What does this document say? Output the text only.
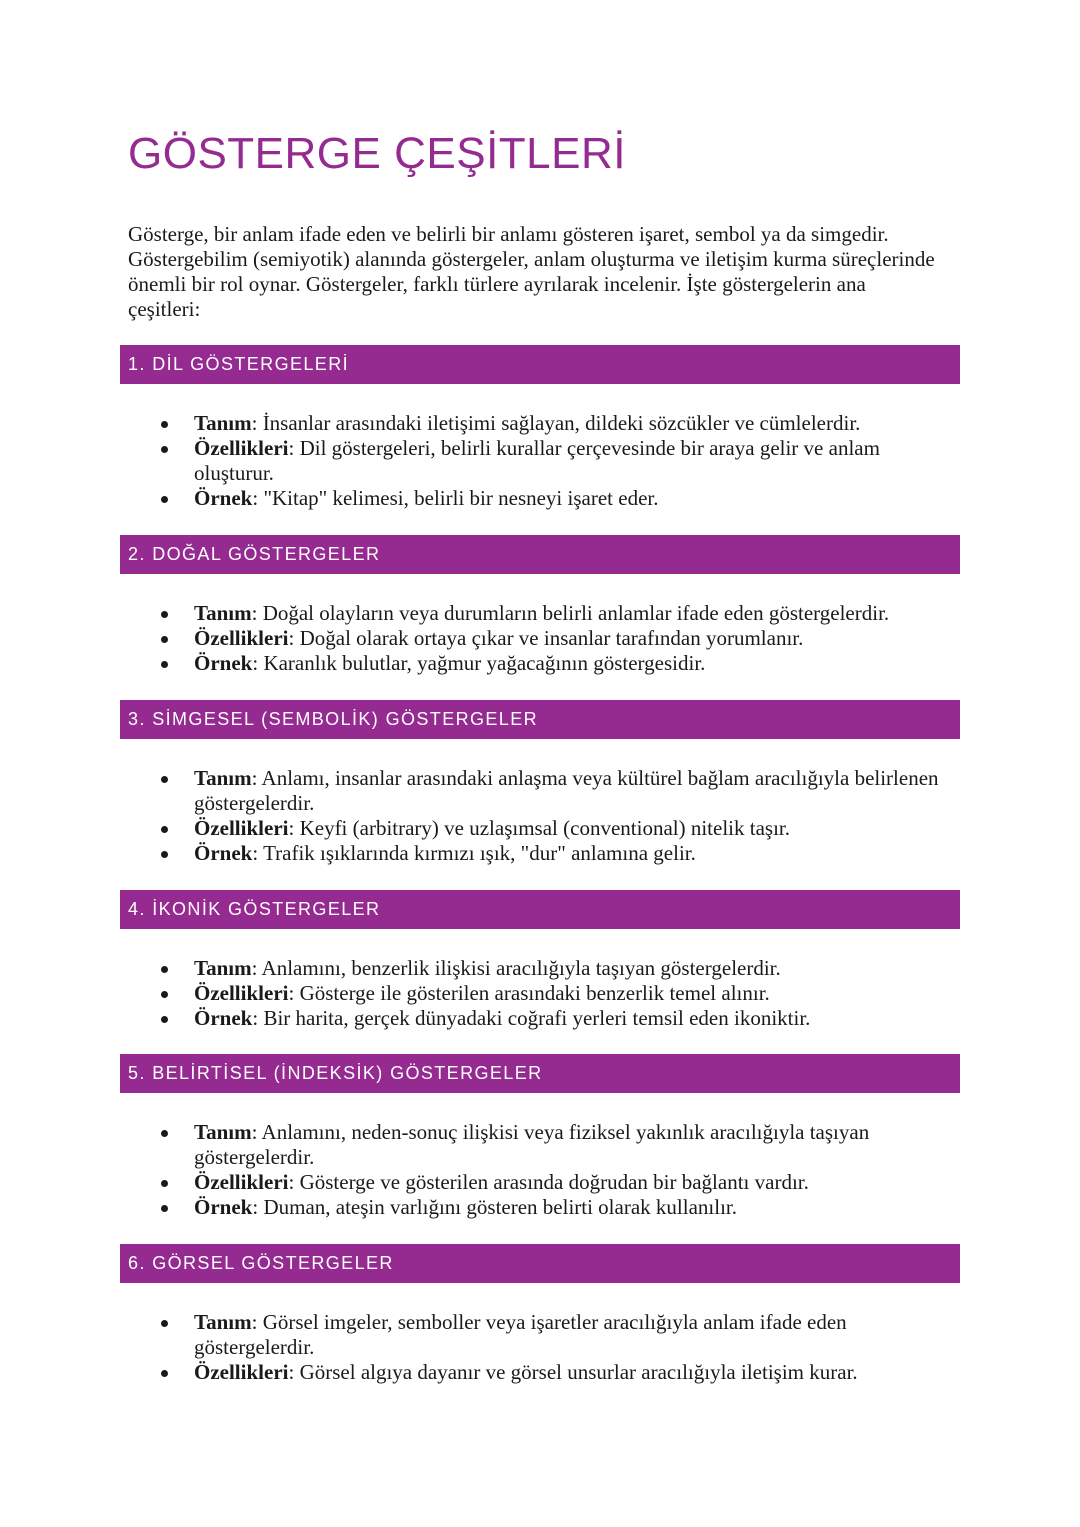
GÖSTERGE ÇEŞİTLERİ

Gösterge, bir anlam ifade eden ve belirli bir anlamı gösteren işaret, sembol ya da simgedir. Göstergebilim (semiyotik) alanında göstergeler, anlam oluşturma ve iletişim kurma süreçlerinde önemli bir rol oynar. Göstergeler, farklı türlere ayrılarak incelenir. İşte göstergelerin ana çeşitleri:

1. DİL GÖSTERGELERİ
Tanım: İnsanlar arasındaki iletişimi sağlayan, dildeki sözcükler ve cümlelerdir.
Özellikleri: Dil göstergeleri, belirli kurallar çerçevesinde bir araya gelir ve anlam oluşturur.
Örnek: "Kitap" kelimesi, belirli bir nesneyi işaret eder.
2. DOĞAL GÖSTERGELER
Tanım: Doğal olayların veya durumların belirli anlamlar ifade eden göstergelerdir.
Özellikleri: Doğal olarak ortaya çıkar ve insanlar tarafından yorumlanır.
Örnek: Karanlık bulutlar, yağmur yağacağının göstergesidir.
3. SİMGESEL (SEMBOLİK) GÖSTERGELER
Tanım: Anlamı, insanlar arasındaki anlaşma veya kültürel bağlam aracılığıyla belirlenen göstergelerdir.
Özellikleri: Keyfi (arbitrary) ve uzlaşımsal (conventional) nitelik taşır.
Örnek: Trafik ışıklarında kırmızı ışık, "dur" anlamına gelir.
4. İKONİK GÖSTERGELER
Tanım: Anlamını, benzerlik ilişkisi aracılığıyla taşıyan göstergelerdir.
Özellikleri: Gösterge ile gösterilen arasındaki benzerlik temel alınır.
Örnek: Bir harita, gerçek dünyadaki coğrafi yerleri temsil eden ikoniktir.
5. BELİRTİSEL (İNDEKSİK) GÖSTERGELER
Tanım: Anlamını, neden-sonuç ilişkisi veya fiziksel yakınlık aracılığıyla taşıyan göstergelerdir.
Özellikleri: Gösterge ve gösterilen arasında doğrudan bir bağlantı vardır.
Örnek: Duman, ateşin varlığını gösteren belirti olarak kullanılır.
6. GÖRSEL GÖSTERGELER
Tanım: Görsel imgeler, semboller veya işaretler aracılığıyla anlam ifade eden göstergelerdir.
Özellikleri: Görsel algıya dayanır ve görsel unsurlar aracılığıyla iletişim kurar.
